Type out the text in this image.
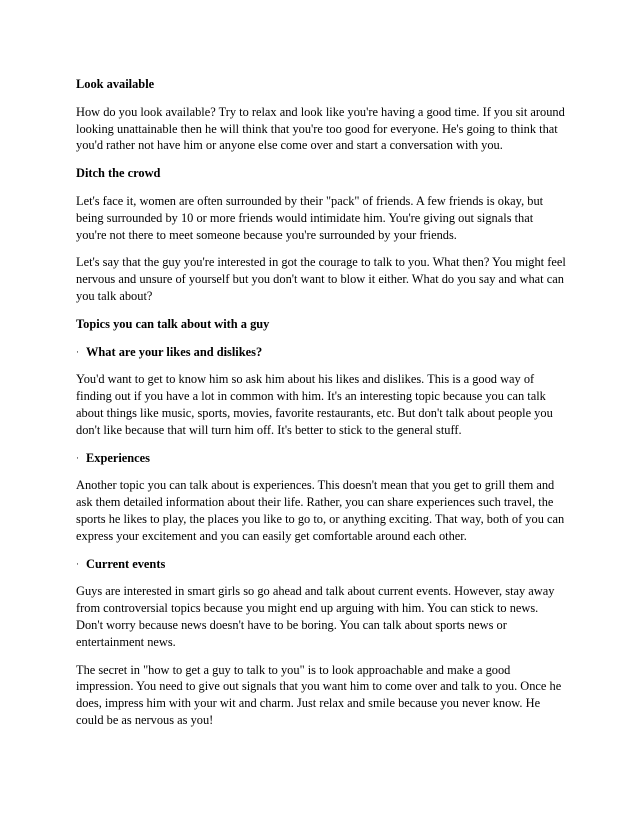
Look available
How do you look available? Try to relax and look like you're having a good time. If you sit around looking unattainable then he will think that you're too good for everyone. He's going to think that you'd rather not have him or anyone else come over and start a conversation with you.
Ditch the crowd
Let's face it, women are often surrounded by their "pack" of friends. A few friends is okay, but being surrounded by 10 or more friends would intimidate him. You're giving out signals that you're not there to meet someone because you're surrounded by your friends.
Let's say that the guy you're interested in got the courage to talk to you. What then? You might feel nervous and unsure of yourself but you don't want to blow it either. What do you say and what can you talk about?
Topics you can talk about with a guy
· What are your likes and dislikes?
You'd want to get to know him so ask him about his likes and dislikes. This is a good way of finding out if you have a lot in common with him. It's an interesting topic because you can talk about things like music, sports, movies, favorite restaurants, etc. But don't talk about people you don't like because that will turn him off. It's better to stick to the general stuff.
· Experiences
Another topic you can talk about is experiences. This doesn't mean that you get to grill them and ask them detailed information about their life. Rather, you can share experiences such travel, the sports he likes to play, the places you like to go to, or anything exciting. That way, both of you can express your excitement and you can easily get comfortable around each other.
· Current events
Guys are interested in smart girls so go ahead and talk about current events. However, stay away from controversial topics because you might end up arguing with him. You can stick to news. Don't worry because news doesn't have to be boring. You can talk about sports news or entertainment news.
The secret in "how to get a guy to talk to you" is to look approachable and make a good impression. You need to give out signals that you want him to come over and talk to you. Once he does, impress him with your wit and charm. Just relax and smile because you never know. He could be as nervous as you!
